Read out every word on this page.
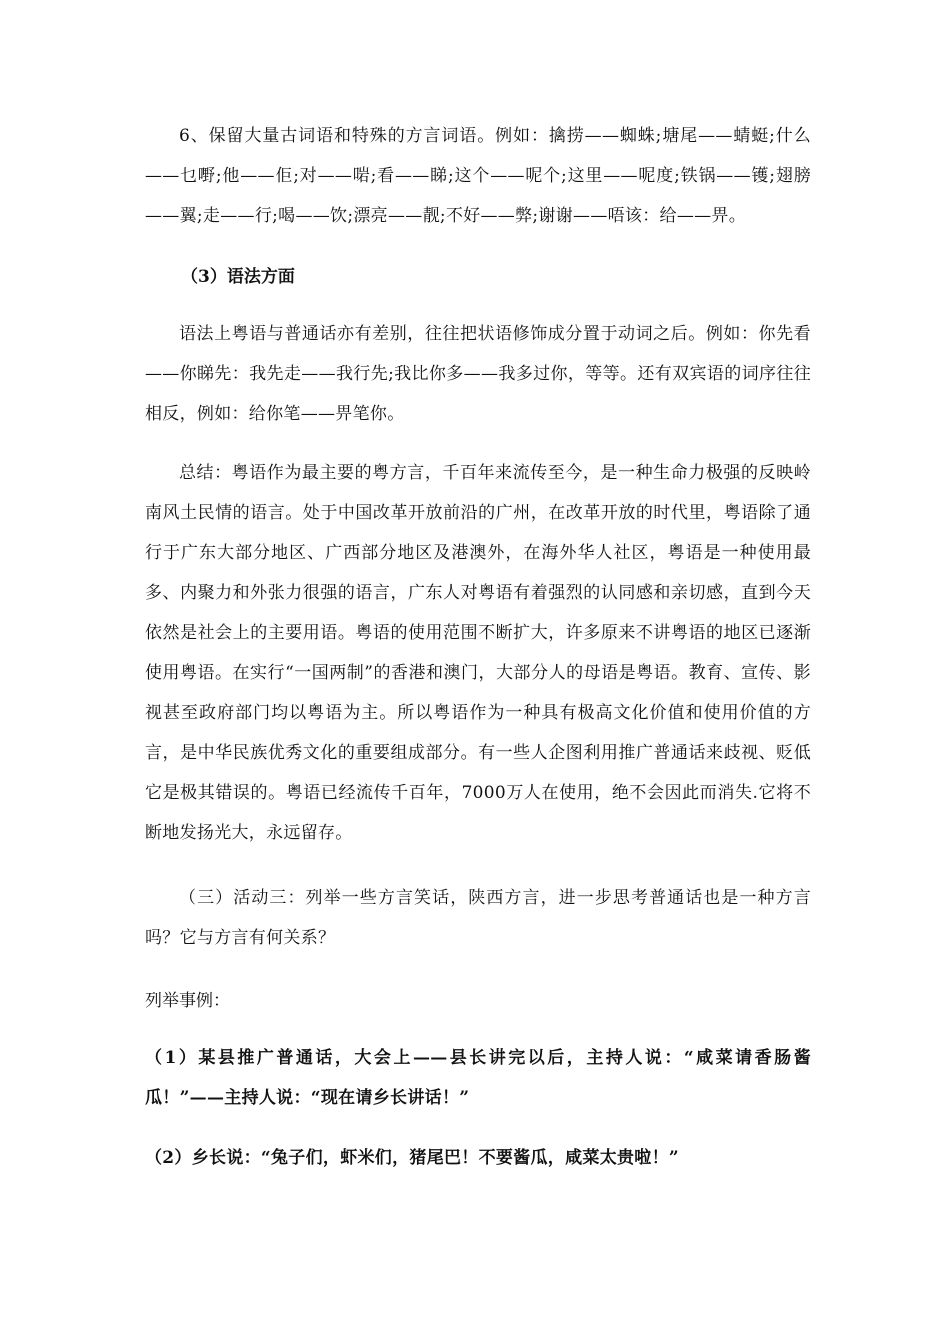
6、保留大量古词语和特殊的方言词语。例如：擒捞——蜘蛛;塘尾——蜻蜓;什么——乜嘢;他——佢;对——啱;看——睇;这个——呢个;这里——呢度;铁锅——镬;翅膀——翼;走——行;喝——饮;漂亮——靓;不好——弊;谢谢——唔该：给——畀。

（3）语法方面

语法上粤语与普通话亦有差别，往往把状语修饰成分置于动词之后。例如：你先看——你睇先：我先走——我行先;我比你多——我多过你，等等。还有双宾语的词序往往相反，例如：给你笔——畀笔你。

总结：粤语作为最主要的粤方言，千百年来流传至今，是一种生命力极强的反映岭南风土民情的语言。处于中国改革开放前沿的广州，在改革开放的时代里，粤语除了通行于广东大部分地区、广西部分地区及港澳外，在海外华人社区，粤语是一种使用最多、内聚力和外张力很强的语言，广东人对粤语有着强烈的认同感和亲切感，直到今天依然是社会上的主要用语。粤语的使用范围不断扩大，许多原来不讲粤语的地区已逐渐使用粤语。在实行“一国两制”的香港和澳门，大部分人的母语是粤语。教育、宣传、影视甚至政府部门均以粤语为主。所以粤语作为一种具有极高文化价值和使用价值的方言，是中华民族优秀文化的重要组成部分。有一些人企图利用推广普通话来歧视、贬低它是极其错误的。粤语已经流传千百年，7000万人在使用，绝不会因此而消失.它将不断地发扬光大，永远留存。

（三）活动三：列举一些方言笑话，陕西方言，进一步思考普通话也是一种方言吗？它与方言有何关系？

列举事例：

（1）某县推广普通话，大会上——县长讲完以后，主持人说：“咸菜请香肠酱瓜！”——主持人说：“现在请乡长讲话！”

（2）乡长说：“兔子们，虾米们，猪尾巴！不要酱瓜，咸菜太贵啦！”
